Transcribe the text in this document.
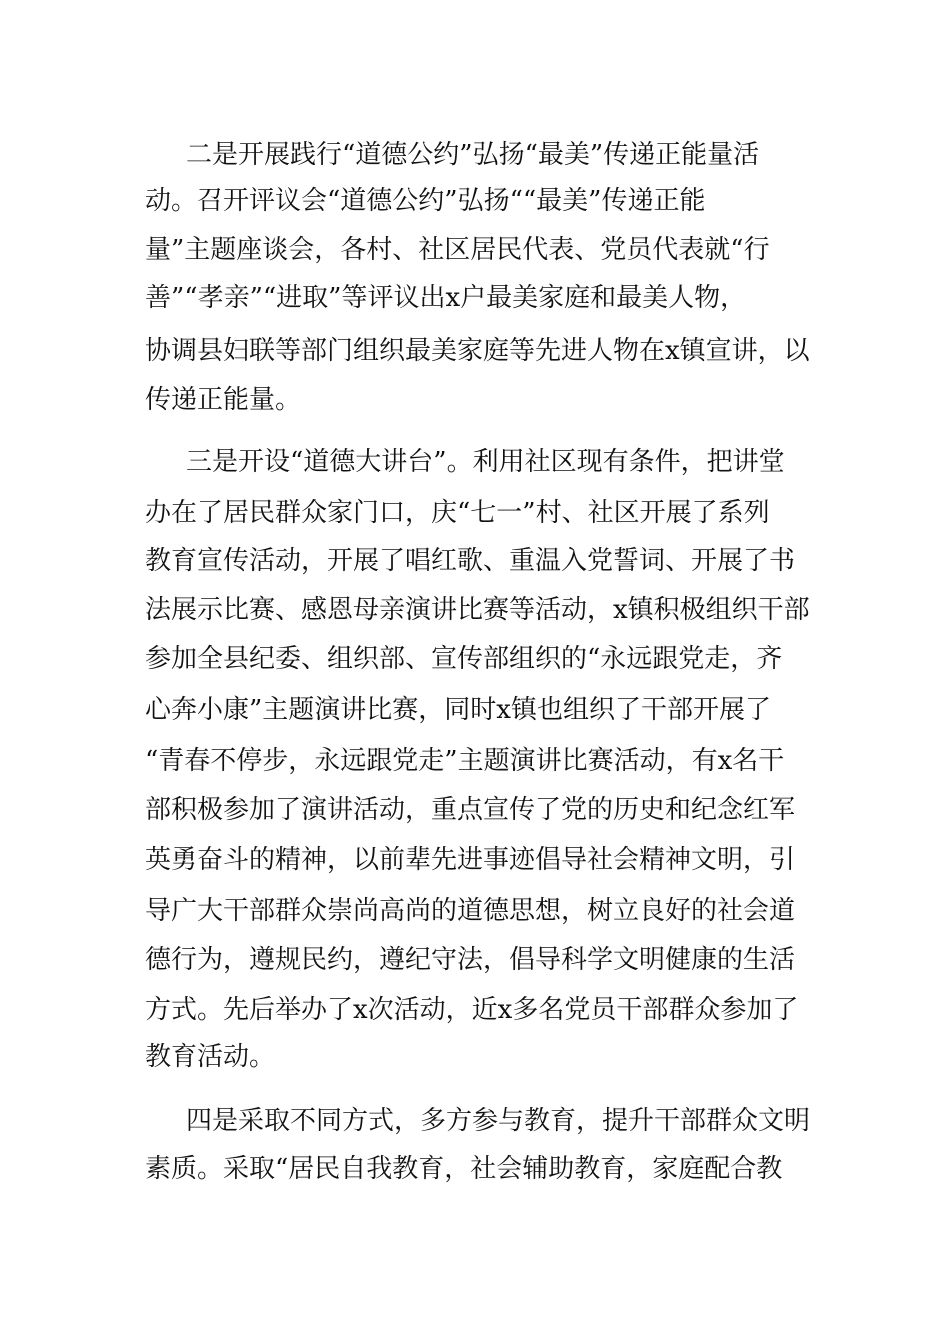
二是开展践行“道德公约”弘扬“最美”传递正能量活
动。召开评议会“道德公约”弘扬““最美”传递正能
量”主题座谈会，各村、社区居民代表、党员代表就“行
善”“孝亲”“进取”等评议出x户最美家庭和最美人物，
协调县妇联等部门组织最美家庭等先进人物在x镇宣讲，以
传递正能量。
三是开设“道德大讲台”。利用社区现有条件，把讲堂
办在了居民群众家门口，庆“七一”村、社区开展了系列
教育宣传活动，开展了唱红歌、重温入党誓词、开展了书
法展示比赛、感恩母亲演讲比赛等活动，x镇积极组织干部
参加全县纪委、组织部、宣传部组织的“永远跟党走，齐
心奔小康”主题演讲比赛，同时x镇也组织了干部开展了
“青春不停步，永远跟党走”主题演讲比赛活动，有x名干
部积极参加了演讲活动，重点宣传了党的历史和纪念红军
英勇奋斗的精神，以前辈先进事迹倡导社会精神文明，引
导广大干部群众崇尚高尚的道德思想，树立良好的社会道
德行为，遵规民约，遵纪守法，倡导科学文明健康的生活
方式。先后举办了x次活动，近x多名党员干部群众参加了
教育活动。
四是采取不同方式，多方参与教育，提升干部群众文明
素质。采取“居民自我教育，社会辅助教育，家庭配合教
